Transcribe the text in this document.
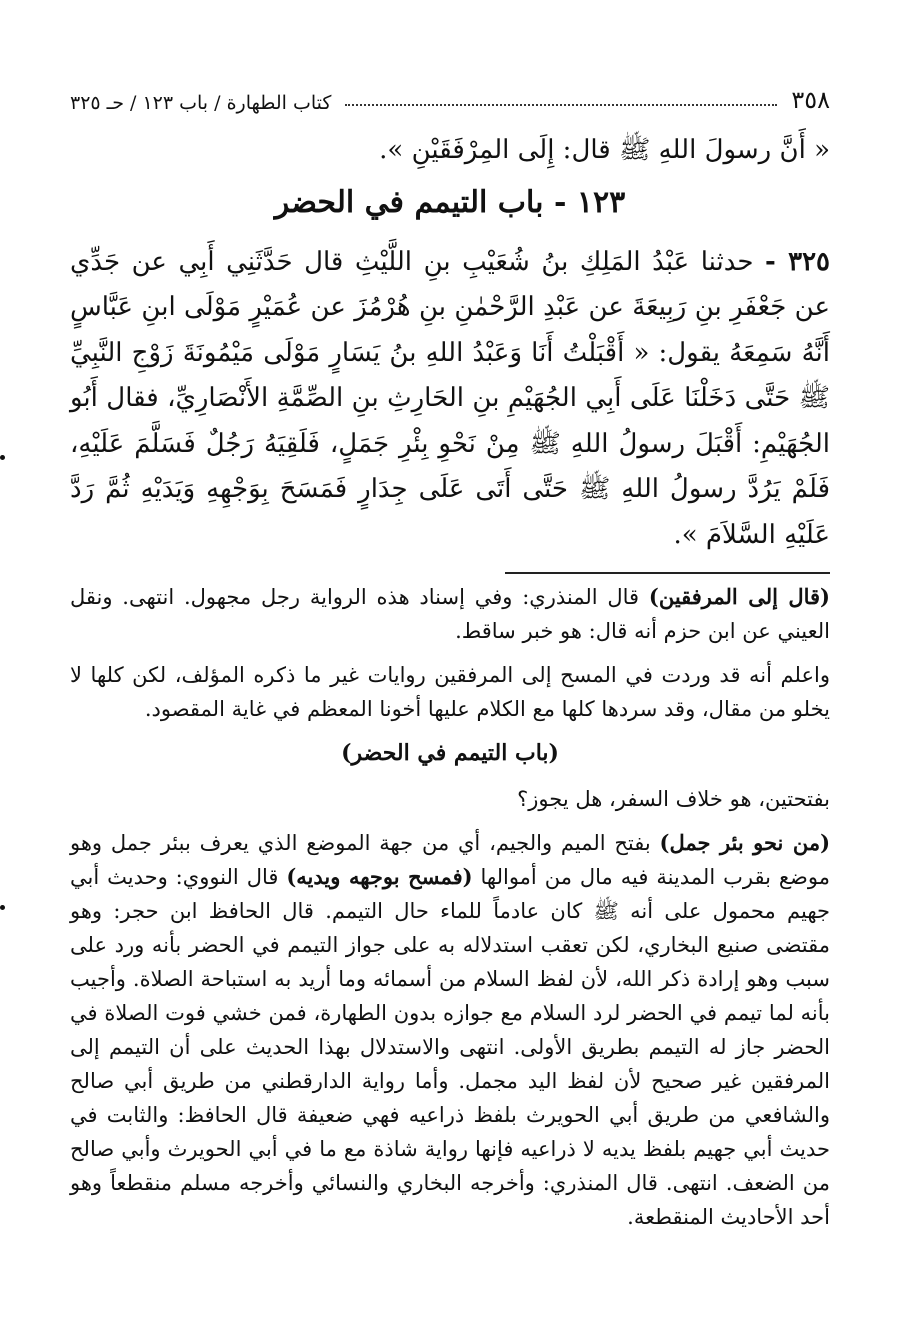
٣٥٨
كتاب الطهارة / باب ١٢٣ / حـ ٣٢٥
« أَنَّ رسولَ اللهِ ﷺ قال: إِلَى المِرْفَقَيْنِ ».
١٢٣ - باب التيمم في الحضر
٣٢٥ - حدثنا عَبْدُ المَلِكِ بنُ شُعَيْبِ بنِ اللَّيْثِ قال حَدَّثَنِي أَبِي عن جَدِّي عن جَعْفَرِ بنِ رَبِيعَةَ عن عَبْدِ الرَّحْمٰنِ بنِ هُرْمُزَ عن عُمَيْرٍ مَوْلَى ابنِ عَبَّاسٍ أَنَّهُ سَمِعَهُ يقول: « أَقْبَلْتُ أَنَا وَعَبْدُ اللهِ بنُ يَسَارٍ مَوْلَى مَيْمُونَةَ زَوْجِ النَّبِيِّ ﷺ حَتَّى دَخَلْنَا عَلَى أَبِي الجُهَيْمِ بنِ الحَارِثِ بنِ الصِّمَّةِ الأَنْصَارِيِّ، فقال أَبُو الجُهَيْمِ: أَقْبَلَ رسولُ اللهِ ﷺ مِنْ نَحْوِ بِئْرِ جَمَلٍ، فَلَقِيَهُ رَجُلٌ فَسَلَّمَ عَلَيْهِ، فَلَمْ يَرُدَّ رسولُ اللهِ ﷺ حَتَّى أَتَى عَلَى جِدَارٍ فَمَسَحَ بِوَجْهِهِ وَيَدَيْهِ ثُمَّ رَدَّ عَلَيْهِ السَّلاَمَ ».
(قال إلى المرفقين) قال المنذري: وفي إسناد هذه الرواية رجل مجهول. انتهى. ونقل العيني عن ابن حزم أنه قال: هو خبر ساقط.
واعلم أنه قد وردت في المسح إلى المرفقين روايات غير ما ذكره المؤلف، لكن كلها لا يخلو من مقال، وقد سردها كلها مع الكلام عليها أخونا المعظم في غاية المقصود.
(باب التيمم في الحضر)
بفتحتين، هو خلاف السفر، هل يجوز؟
(من نحو بئر جمل) بفتح الميم والجيم، أي من جهة الموضع الذي يعرف ببئر جمل وهو موضع بقرب المدينة فيه مال من أموالها (فمسح بوجهه ويديه) قال النووي: وحديث أبي جهيم محمول على أنه ﷺ كان عادماً للماء حال التيمم. قال الحافظ ابن حجر: وهو مقتضى صنيع البخاري، لكن تعقب استدلاله به على جواز التيمم في الحضر بأنه ورد على سبب وهو إرادة ذكر الله، لأن لفظ السلام من أسمائه وما أريد به استباحة الصلاة. وأجيب بأنه لما تيمم في الحضر لرد السلام مع جوازه بدون الطهارة، فمن خشي فوت الصلاة في الحضر جاز له التيمم بطريق الأولى. انتهى والاستدلال بهذا الحديث على أن التيمم إلى المرفقين غير صحيح لأن لفظ اليد مجمل. وأما رواية الدارقطني من طريق أبي صالح والشافعي من طريق أبي الحويرث بلفظ ذراعيه فهي ضعيفة قال الحافظ: والثابت في حديث أبي جهيم بلفظ يديه لا ذراعيه فإنها رواية شاذة مع ما في أبي الحويرث وأبي صالح من الضعف. انتهى. قال المنذري: وأخرجه البخاري والنسائي وأخرجه مسلم منقطعاً وهو أحد الأحاديث المنقطعة.
